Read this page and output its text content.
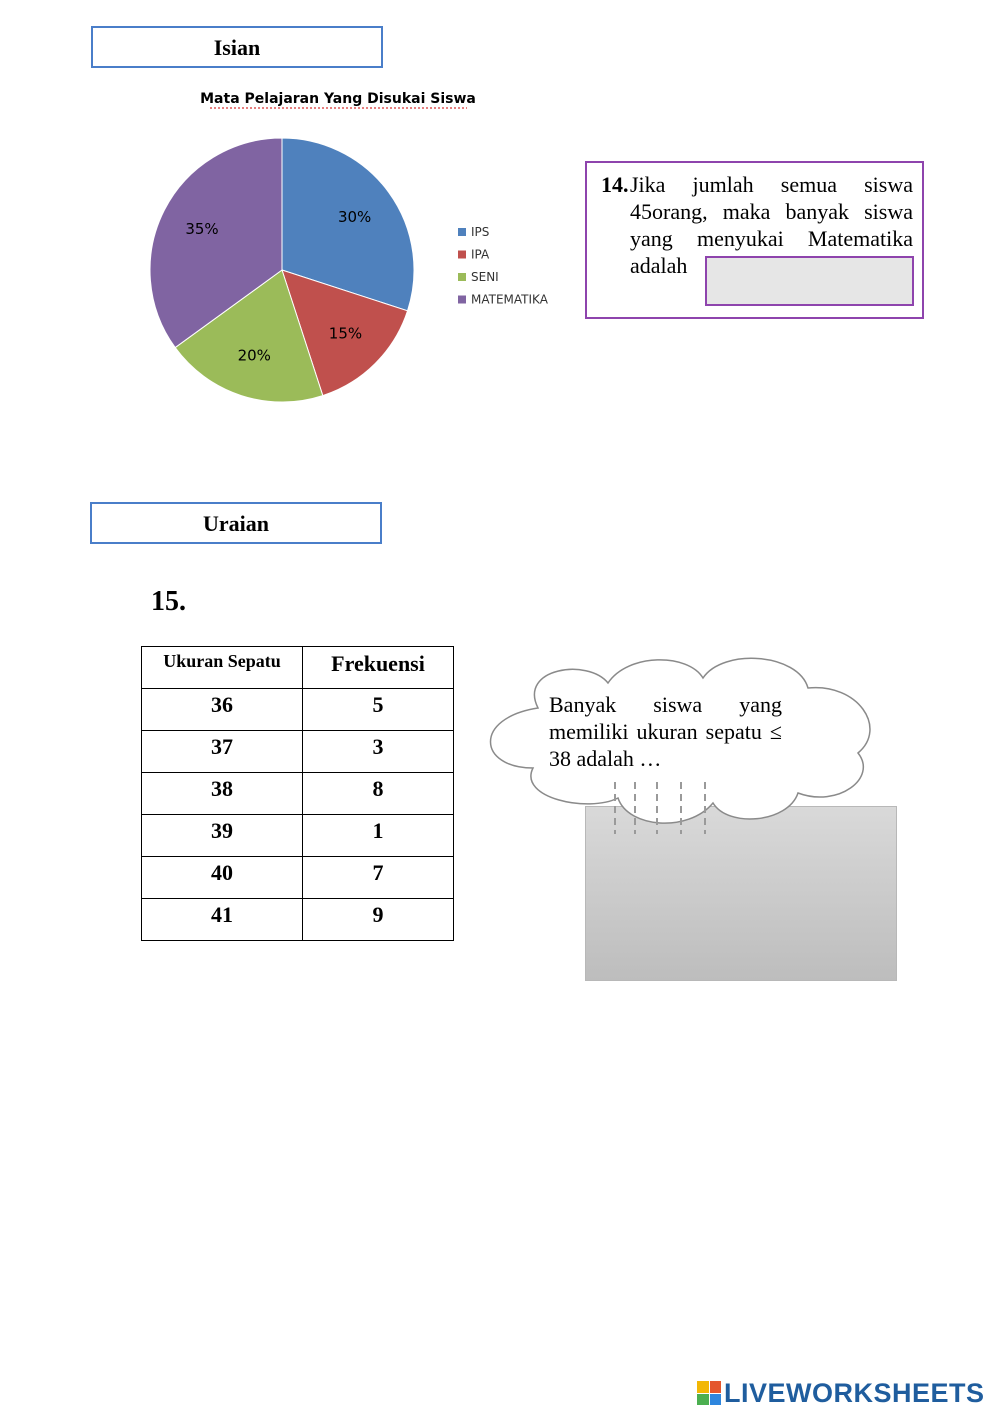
Isian
Mata Pelajaran Yang Disukai Siswa
30%
15%
20%
35%	IPS
IPA
SENI
MATEMATIKA
14. Jika jumlah semua siswa 45orang, maka banyak siswa yang menyukai Matematika adalah

Uraian
15.
Ukuran Sepatu	Frekuensi
36	5
37	3
38	8
39	1
40	7
41	9

Banyak siswa yang memiliki ukuran sepatu ≤ 38 adalah …

LIVEWORKSHEETS
